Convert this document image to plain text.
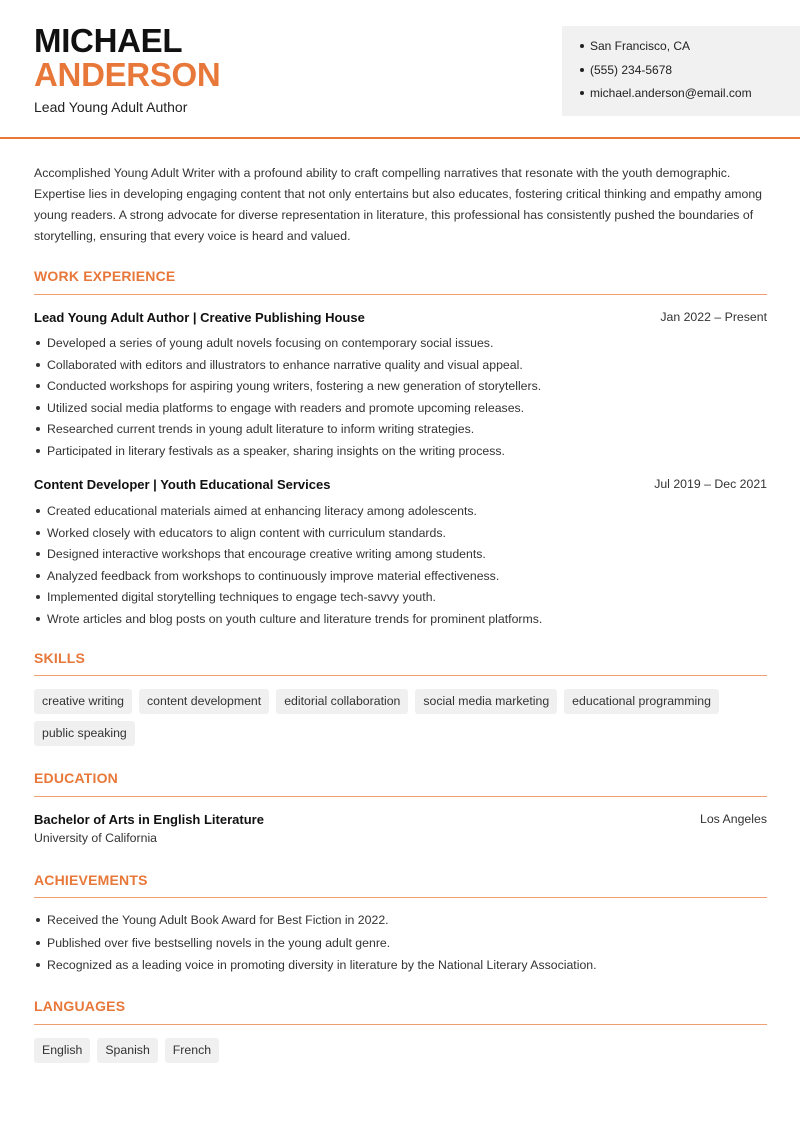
MICHAEL
ANDERSON
Lead Young Adult Author
San Francisco, CA
(555) 234-5678
michael.anderson@email.com
Accomplished Young Adult Writer with a profound ability to craft compelling narratives that resonate with the youth demographic. Expertise lies in developing engaging content that not only entertains but also educates, fostering critical thinking and empathy among young readers. A strong advocate for diverse representation in literature, this professional has consistently pushed the boundaries of storytelling, ensuring that every voice is heard and valued.
WORK EXPERIENCE
Lead Young Adult Author | Creative Publishing House	Jan 2022 – Present
Developed a series of young adult novels focusing on contemporary social issues.
Collaborated with editors and illustrators to enhance narrative quality and visual appeal.
Conducted workshops for aspiring young writers, fostering a new generation of storytellers.
Utilized social media platforms to engage with readers and promote upcoming releases.
Researched current trends in young adult literature to inform writing strategies.
Participated in literary festivals as a speaker, sharing insights on the writing process.
Content Developer | Youth Educational Services	Jul 2019 – Dec 2021
Created educational materials aimed at enhancing literacy among adolescents.
Worked closely with educators to align content with curriculum standards.
Designed interactive workshops that encourage creative writing among students.
Analyzed feedback from workshops to continuously improve material effectiveness.
Implemented digital storytelling techniques to engage tech-savvy youth.
Wrote articles and blog posts on youth culture and literature trends for prominent platforms.
SKILLS
creative writing	content development	editorial collaboration	social media marketing	educational programming
public speaking
EDUCATION
Bachelor of Arts in English Literature	Los Angeles
University of California
ACHIEVEMENTS
Received the Young Adult Book Award for Best Fiction in 2022.
Published over five bestselling novels in the young adult genre.
Recognized as a leading voice in promoting diversity in literature by the National Literary Association.
LANGUAGES
English	Spanish	French
